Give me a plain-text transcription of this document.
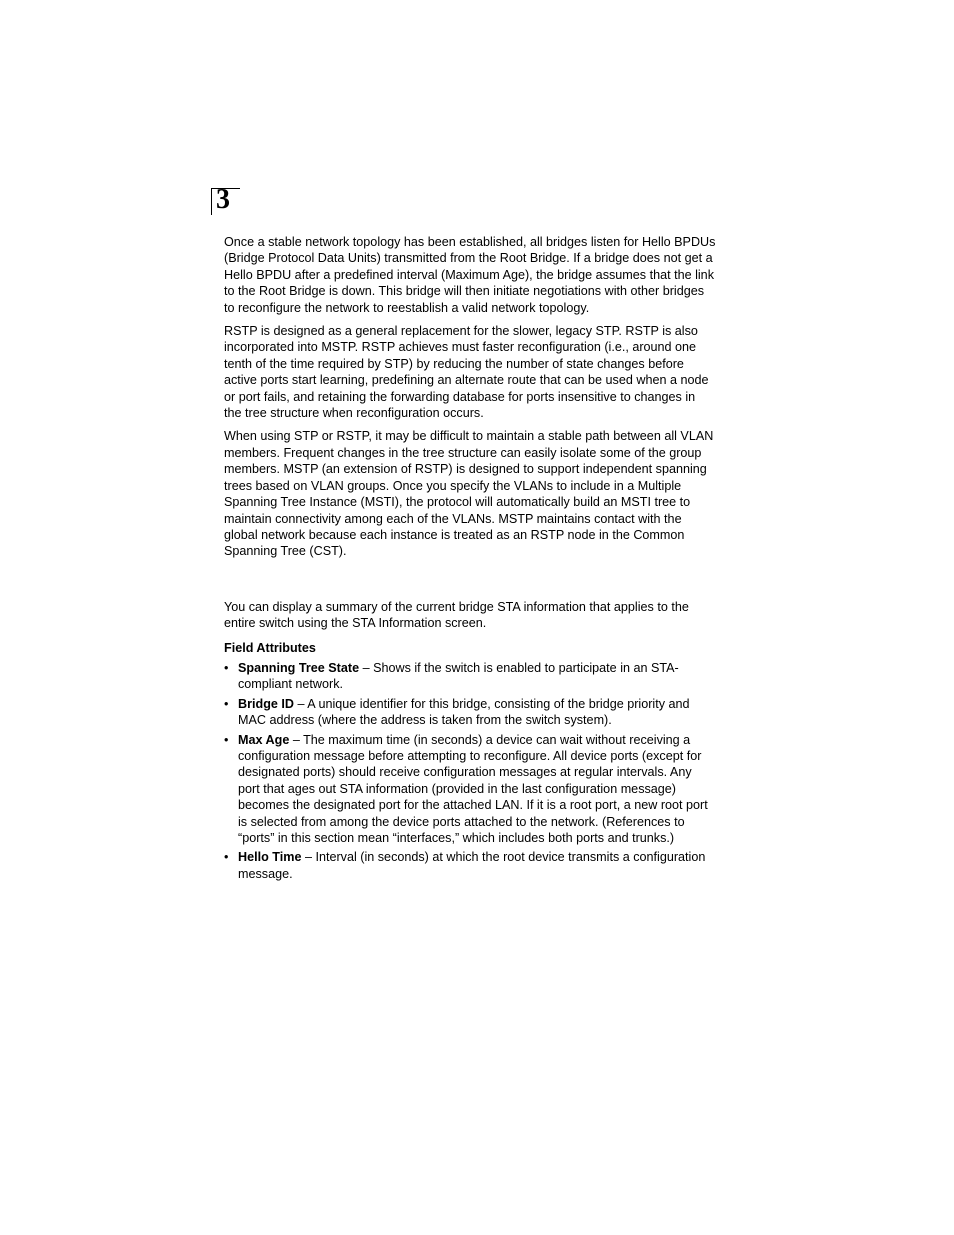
3

Once a stable network topology has been established, all bridges listen for Hello BPDUs (Bridge Protocol Data Units) transmitted from the Root Bridge. If a bridge does not get a Hello BPDU after a predefined interval (Maximum Age), the bridge assumes that the link to the Root Bridge is down. This bridge will then initiate negotiations with other bridges to reconfigure the network to reestablish a valid network topology.

RSTP is designed as a general replacement for the slower, legacy STP. RSTP is also incorporated into MSTP. RSTP achieves must faster reconfiguration (i.e., around one tenth of the time required by STP) by reducing the number of state changes before active ports start learning, predefining an alternate route that can be used when a node or port fails, and retaining the forwarding database for ports insensitive to changes in the tree structure when reconfiguration occurs.

When using STP or RSTP, it may be difficult to maintain a stable path between all VLAN members. Frequent changes in the tree structure can easily isolate some of the group members. MSTP (an extension of RSTP) is designed to support independent spanning trees based on VLAN groups. Once you specify the VLANs to include in a Multiple Spanning Tree Instance (MSTI), the protocol will automatically build an MSTI tree to maintain connectivity among each of the VLANs. MSTP maintains contact with the global network because each instance is treated as an RSTP node in the Common Spanning Tree (CST).

You can display a summary of the current bridge STA information that applies to the entire switch using the STA Information screen.

Field Attributes
• Spanning Tree State – Shows if the switch is enabled to participate in an STA-compliant network.
• Bridge ID – A unique identifier for this bridge, consisting of the bridge priority and MAC address (where the address is taken from the switch system).
• Max Age – The maximum time (in seconds) a device can wait without receiving a configuration message before attempting to reconfigure. All device ports (except for designated ports) should receive configuration messages at regular intervals. Any port that ages out STA information (provided in the last configuration message) becomes the designated port for the attached LAN. If it is a root port, a new root port is selected from among the device ports attached to the network. (References to “ports” in this section mean “interfaces,” which includes both ports and trunks.)
• Hello Time – Interval (in seconds) at which the root device transmits a configuration message.
